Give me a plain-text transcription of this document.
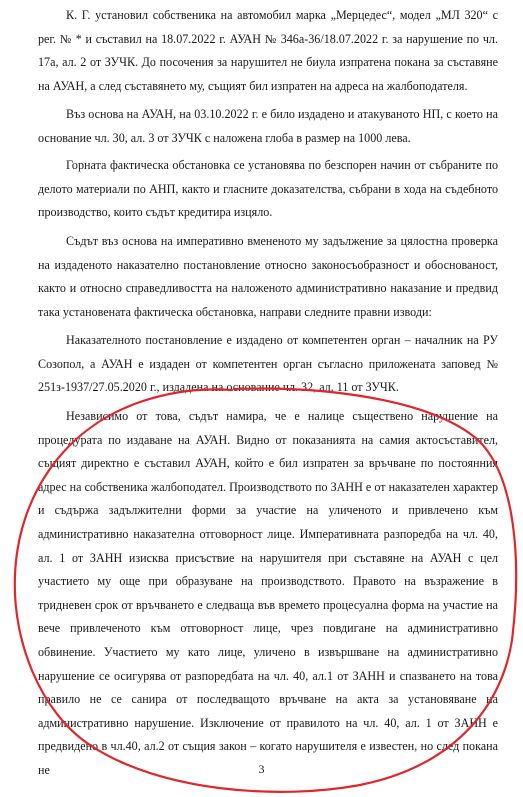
К. Г. установил собственика на автомобил марка „Мерцедес“, модел „МЛ 320“ с рег. № * и съставил на 18.07.2022 г. АУАН № 346а-36/18.07.2022 г. за нарушение по чл. 17а, ал. 2 от ЗУЧК. До посочения за нарушител не биула изпратена покана за съставяне на АУАН, а след съставянето му, същият бил изпратен на адреса на жалбоподателя.

Въз основа на АУАН, на 03.10.2022 г. е било издадено и атакуваното НП, с което на основание чл. 30, ал. 3 от ЗУЧК с наложена глоба в размер на 1000 лева.

Горната фактическа обстановка се установява по безспорен начин от събраните по делото материали по АНП, както и гласните доказателства, събрани в хода на съдебното производство, които съдът кредитира изцяло.

Съдът въз основа на императивно вмененото му задължение за цялостна проверка на издаденото наказателно постановление относно законосъобразност и обоснованост, както и относно справедливостта на наложеното административно наказание и предвид така установената фактическа обстановка, направи следните правни изводи:

Наказателното постановление е издадено от компетентен орган – началник на РУ Созопол, а АУАН е издаден от компетентен орган съгласно приложената заповед № 251з-1937/27.05.2020 г., издадена на основание чл. 32, ал. 11 от ЗУЧК.

Независимо от това, съдът намира, че е налице съществено нарушение на процедурата по издаване на АУАН. Видно от показанията на самия актосъставител, същият директно е съставил АУАН, който е бил изпратен за връчване по постоянния адрес на собственика жалбоподател. Производството по ЗАНН е от наказателен характер и съдържа задължителни форми за участие на уличеното и привлечено към административно наказателна отговорност лице. Императивната разпоредба на чл. 40, ал. 1 от ЗАНН изисква присъствие на нарушителя при съставяне на АУАН с цел участието му още при образуване на производството. Правото на възражение в тридневен срок от връчването е следваща във времето процесуална форма на участие на вече привлеченото към отговорност лице, чрез повдигане на административно обвинение. Участието му като лице, уличено в извършване на административно нарушение се осигурява от разпоредбата на чл. 40, ал.1 от ЗАНН и спазването на това правило не се санира от последващото връчване на акта за установяване на административно нарушение. Изключение от правилото на чл. 40, ал. 1 от ЗАНН е предвидено в чл.40, ал.2 от същия закон – когато нарушителя е известен, но след покана не	3
